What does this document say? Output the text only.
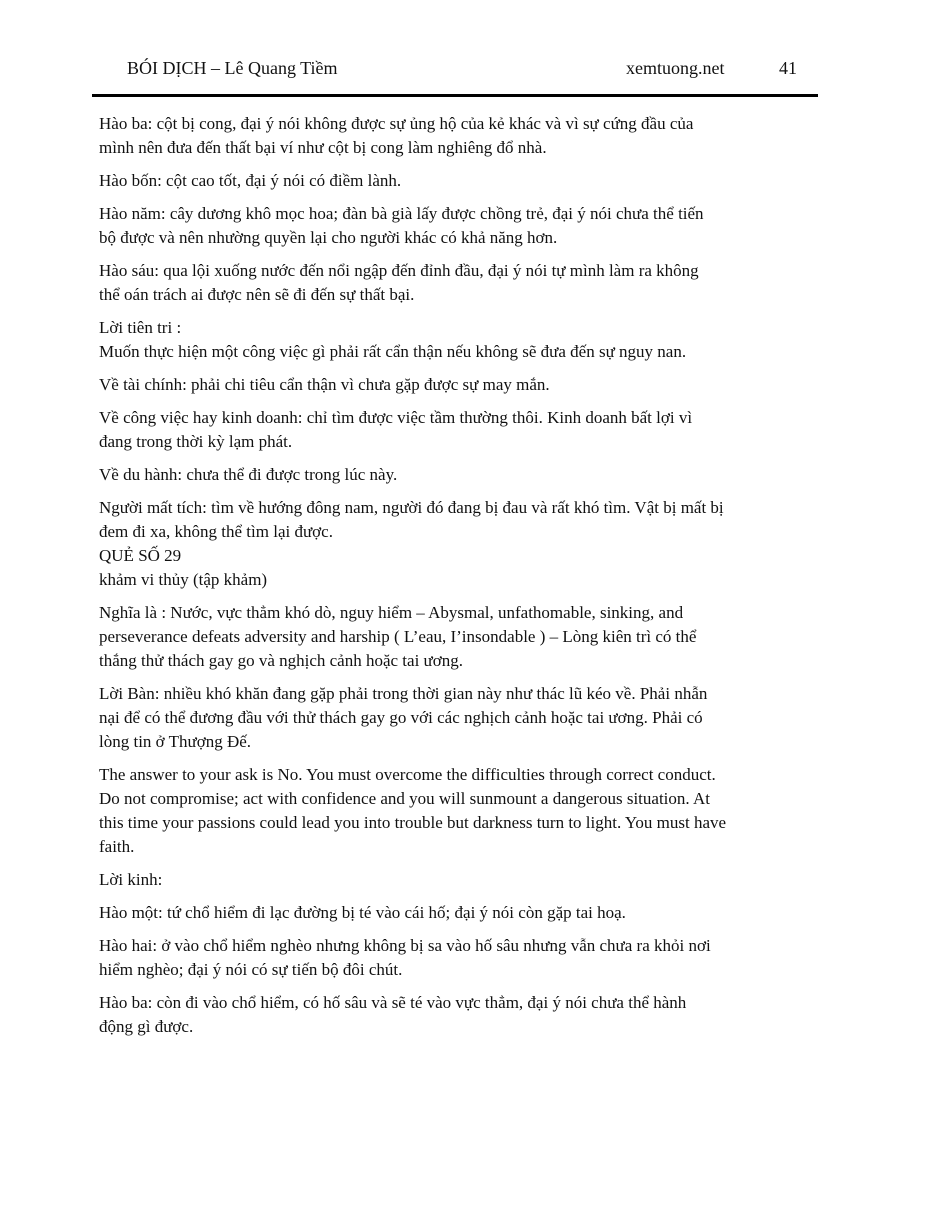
BÓI DỊCH – Lê Quang Tiềm	xemtuong.net	41

Hào ba: cột bị cong, đại ý nói không được sự ủng hộ của kẻ khác và vì sự cứng đầu của
mình nên đưa đến thất bại ví như cột bị cong làm nghiêng đổ nhà.

Hào bốn: cột cao tốt, đại ý nói có điềm lành.

Hào năm: cây dương khô mọc hoa; đàn bà già lấy được chồng trẻ, đại ý nói chưa thể tiến
bộ được và nên nhường quyền lại cho người khác có khả năng hơn.

Hào sáu: qua lội xuống nước đến nổi ngập đến đỉnh đầu, đại ý nói tự mình làm ra không
thể oán trách ai được nên sẽ đi đến sự thất bại.

Lời tiên tri :
Muốn thực hiện một công việc gì phải rất cẩn thận nếu không sẽ đưa đến sự nguy nan.

Về tài chính: phải chi tiêu cẩn thận vì chưa gặp được sự may mắn.

Về công việc hay kinh doanh: chỉ tìm được việc tầm thường thôi. Kinh doanh bất lợi vì
đang trong thời kỳ lạm phát.

Về du hành: chưa thể đi được trong lúc này.

Người mất tích: tìm về hướng đông nam, người đó đang bị đau và rất khó tìm. Vật bị mất bị
đem đi xa, không thể tìm lại được.

QUẺ SỐ 29
khảm vi thủy (tập khảm)

Nghĩa là : Nước, vực thẳm khó dò, nguy hiểm – Abysmal, unfathomable, sinking, and
perseverance defeats adversity and harship ( L’eau, I’insondable ) – Lòng kiên trì có thể
thắng thử thách gay go và nghịch cảnh hoặc tai ương.

Lời Bàn: nhiều khó khăn đang gặp phải trong thời gian này như thác lũ kéo về. Phải nhẫn
nại để có thể đương đầu với thử thách gay go với các nghịch cảnh hoặc tai ương. Phải có
lòng tin ở Thượng Đế.

The answer to your ask is No. You must overcome the difficulties through correct conduct.
Do not compromise; act with confidence and you will sunmount a dangerous situation. At
this time your passions could lead you into trouble but darkness turn to light. You must have
faith.

Lời kinh:

Hào một: tứ chổ hiểm đi lạc đường bị té vào cái hố; đại ý nói còn gặp tai hoạ.

Hào hai: ở vào chổ hiểm nghèo nhưng không bị sa vào hố sâu nhưng vẫn chưa ra khỏi nơi
hiểm nghèo; đại ý nói có sự tiến bộ đôi chút.

Hào ba: còn đi vào chổ hiểm, có hố sâu và sẽ té vào vực thẳm, đại ý nói chưa thể hành
động gì được.
